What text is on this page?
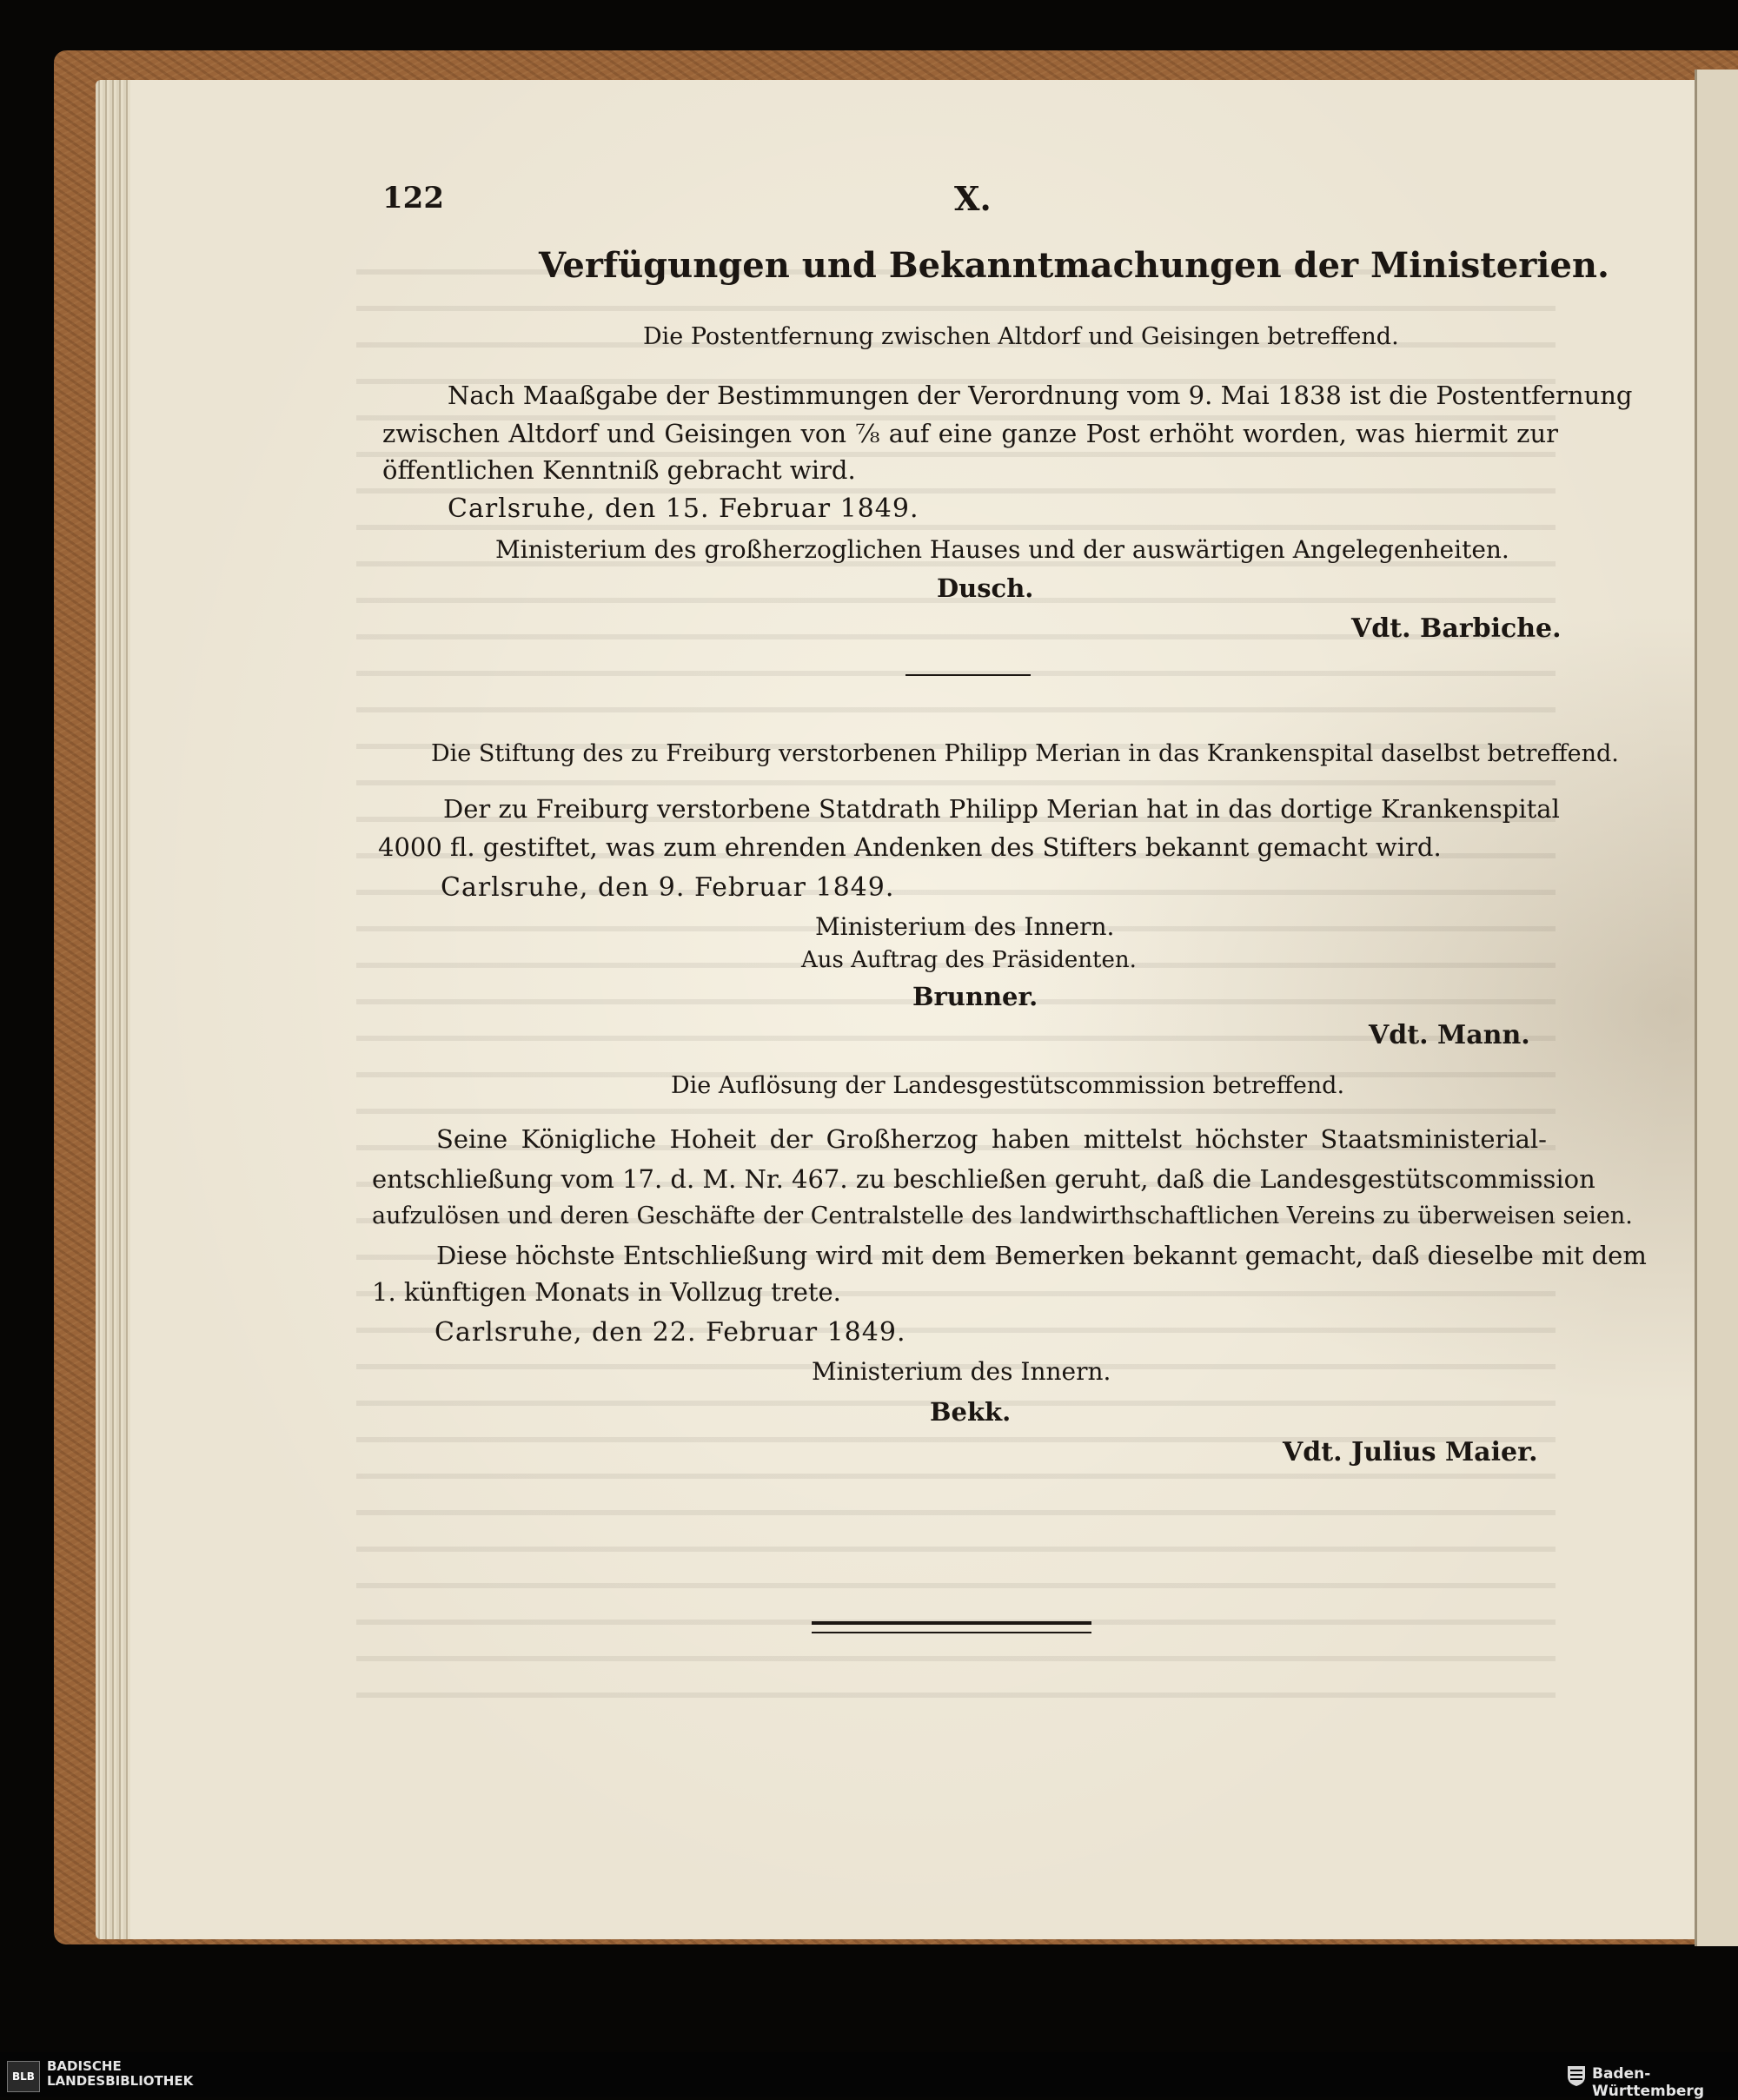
122	X.
Verfügungen und Bekanntmachungen der Ministerien.
Die Postentfernung zwischen Altdorf und Geisingen betreffend.
Nach Maaßgabe der Bestimmungen der Verordnung vom 9. Mai 1838 ist die Postentfernung
zwischen Altdorf und Geisingen von ⅞ auf eine ganze Post erhöht worden, was hiermit zur
öffentlichen Kenntniß gebracht wird.
Carlsruhe, den 15. Februar 1849.
Ministerium des großherzoglichen Hauses und der auswärtigen Angelegenheiten.
Dusch.
Vdt. Barbiche.
Die Stiftung des zu Freiburg verstorbenen Philipp Merian in das Krankenspital daselbst betreffend.
Der zu Freiburg verstorbene Statdrath Philipp Merian hat in das dortige Krankenspital
4000 fl. gestiftet, was zum ehrenden Andenken des Stifters bekannt gemacht wird.
Carlsruhe, den 9. Februar 1849.
Ministerium des Innern.
Aus Auftrag des Präsidenten.
Brunner.
Vdt. Mann.
Die Auflösung der Landesgestütscommission betreffend.
Seine Königliche Hoheit der Großherzog haben mittelst höchster Staatsministerial-
entschließung vom 17. d. M. Nr. 467. zu beschließen geruht, daß die Landesgestütscommission
aufzulösen und deren Geschäfte der Centralstelle des landwirthschaftlichen Vereins zu überweisen seien.
Diese höchste Entschließung wird mit dem Bemerken bekannt gemacht, daß dieselbe mit dem
1. künftigen Monats in Vollzug trete.
Carlsruhe, den 22. Februar 1849.
Ministerium des Innern.
Bekk.
Vdt. Julius Maier.
BLB
BADISCHE
LANDESBIBLIOTHEK	Baden-Württemberg
